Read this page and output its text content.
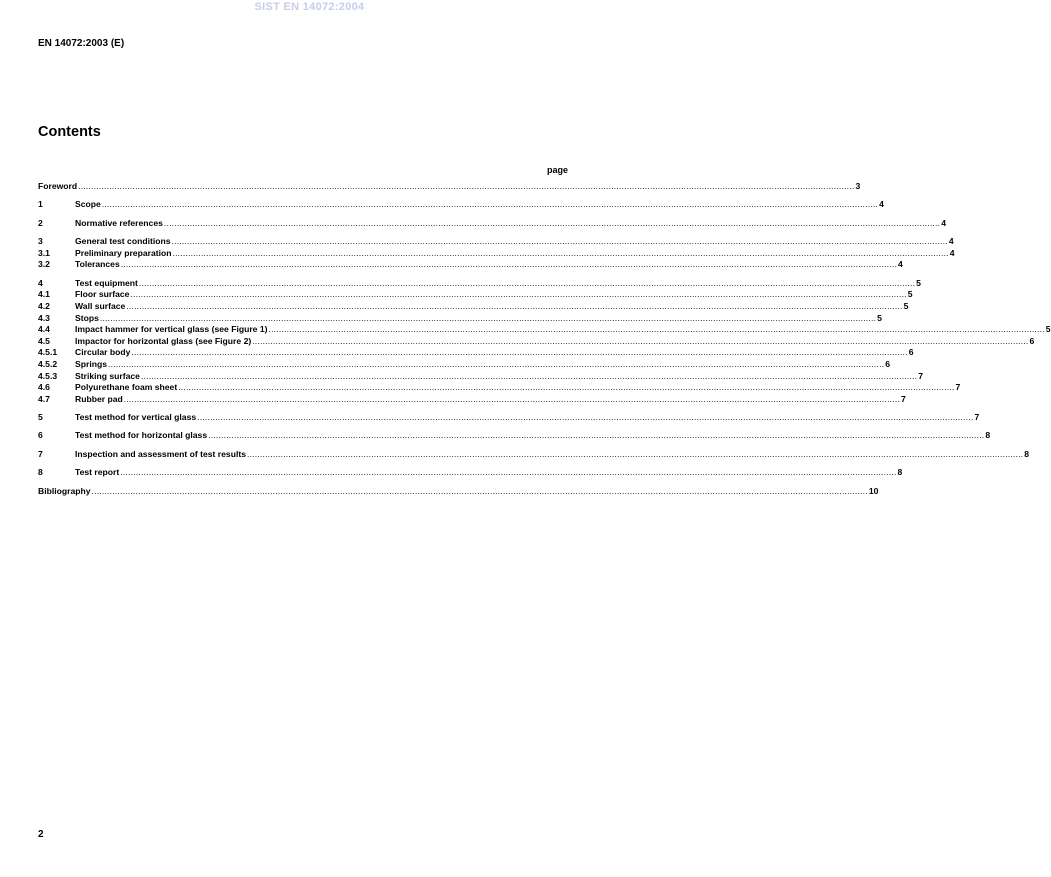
SIST EN 14072:2004
EN 14072:2003 (E)
Contents
page
Foreword ............................................................................................................................................................................................................................................................................................................ 3
1	Scope ............................................................................................................................................................................................................................................................................................................ 4
2	Normative references ............................................................................................................................................................................................................................................................................................................ 4
3	General test conditions ............................................................................................................................................................................................................................................................................................................ 4
3.1	Preliminary preparation ............................................................................................................................................................................................................................................................................................................ 4
3.2	Tolerances ............................................................................................................................................................................................................................................................................................................ 4
4	Test equipment ............................................................................................................................................................................................................................................................................................................ 5
4.1	Floor surface ............................................................................................................................................................................................................................................................................................................ 5
4.2	Wall surface ............................................................................................................................................................................................................................................................................................................ 5
4.3	Stops ............................................................................................................................................................................................................................................................................................................ 5
4.4	Impact hammer for vertical glass (see Figure 1) ............................................................................................................................................................................................................................................................................................................ 5
4.5	Impactor for horizontal glass (see Figure 2) ............................................................................................................................................................................................................................................................................................................ 6
4.5.1	Circular body ............................................................................................................................................................................................................................................................................................................ 6
4.5.2	Springs ............................................................................................................................................................................................................................................................................................................ 6
4.5.3	Striking surface ............................................................................................................................................................................................................................................................................................................ 7
4.6	Polyurethane foam sheet ............................................................................................................................................................................................................................................................................................................ 7
4.7	Rubber pad ............................................................................................................................................................................................................................................................................................................ 7
5	Test method for vertical glass ............................................................................................................................................................................................................................................................................................................ 7
6	Test method for horizontal glass ............................................................................................................................................................................................................................................................................................................ 8
7	Inspection and assessment of test results ............................................................................................................................................................................................................................................................................................................ 8
8	Test report ............................................................................................................................................................................................................................................................................................................ 8
Bibliography ............................................................................................................................................................................................................................................................................................................ 10
2
